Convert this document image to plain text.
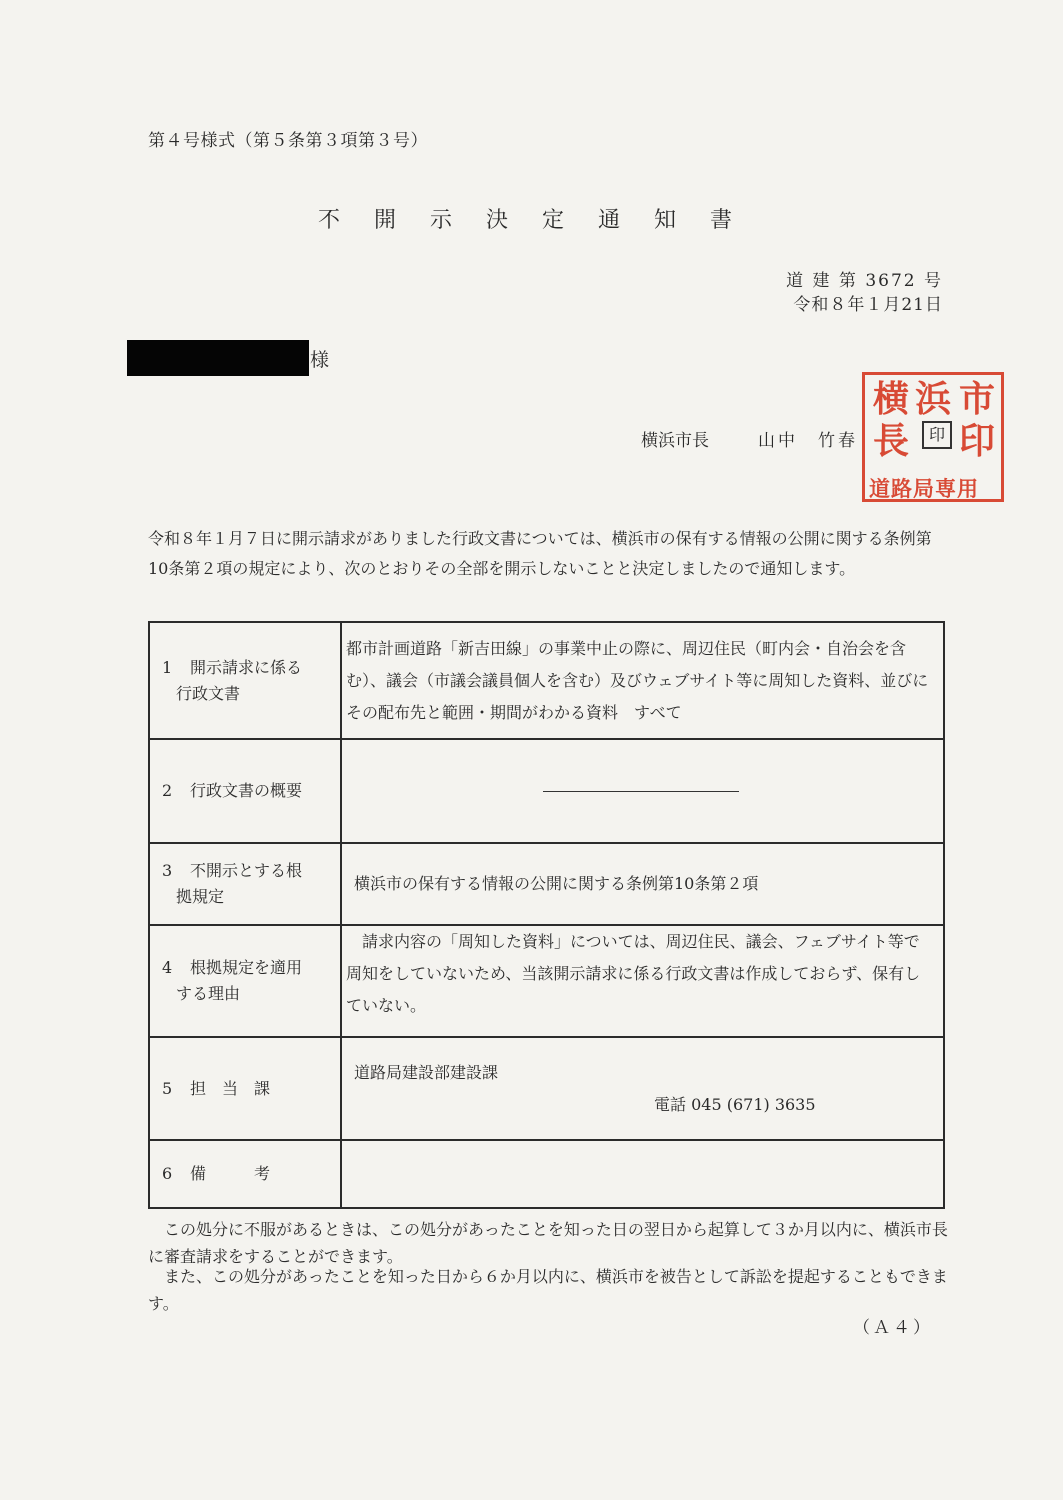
第４号様式（第５条第３項第３号）
不開示決定通知書
道 建 第 3672 号
令和８年１月21日
様
横浜市長	山中　竹春
横 浜 市
長 印
印
道路局専用
令和８年１月７日に開示請求がありました行政文書については、横浜市の保有する情報の公開に関する条例第10条第２項の規定により、次のとおりその全部を開示しないことと決定しましたので通知します。
1 開示請求に係る
行政文書	都市計画道路「新吉田線」の事業中止の際に、周辺住民（町内会・自治会を含む）、議会（市議会議員個人を含む）及びウェブサイト等に周知した資料、並びにその配布先と範囲・期間がわかる資料　すべて
2 行政文書の概要	

3 不開示とする根
拠規定	横浜市の保有する情報の公開に関する条例第10条第２項
4 根拠規定を適用
する理由	　請求内容の「周知した資料」については、周辺住民、議会、フェブサイト等で周知をしていないため、当該開示請求に係る行政文書は作成しておらず、保有していない。
5 担　当　課	道路局建設部建設課
電話 045 (671) 3635

6 備　　　考	
　この処分に不服があるときは、この処分があったことを知った日の翌日から起算して３か月以内に、横浜市長に審査請求をすることができます。
　また、この処分があったことを知った日から６か月以内に、横浜市を被告として訴訟を提起することもできます。
（Ａ４）
